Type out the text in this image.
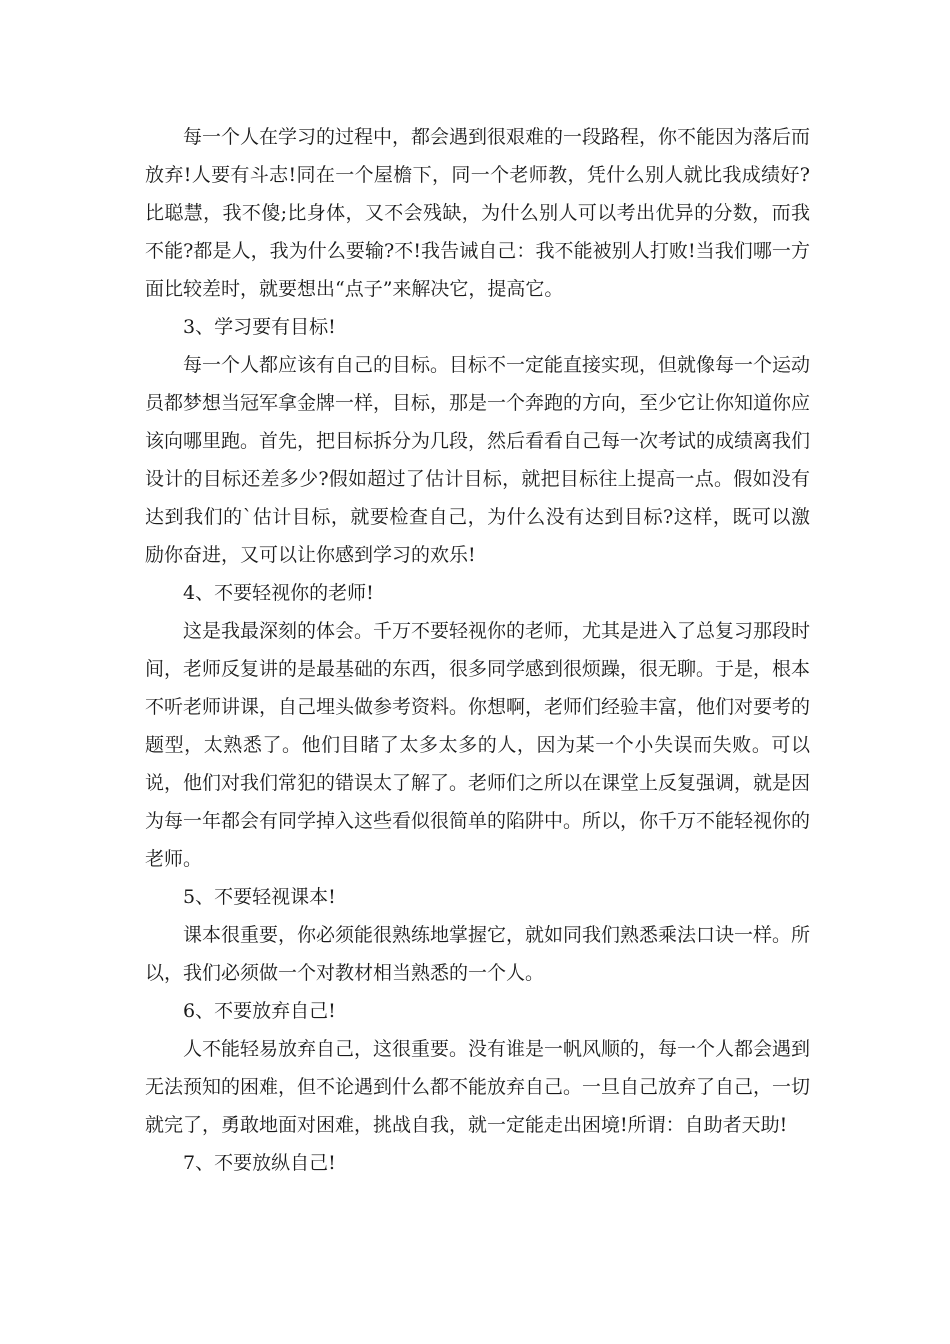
每一个人在学习的过程中，都会遇到很艰难的一段路程，你不能因为落后而放弃!人要有斗志!同在一个屋檐下，同一个老师教，凭什么别人就比我成绩好?比聪慧，我不傻;比身体，又不会残缺，为什么别人可以考出优异的分数，而我不能?都是人，我为什么要输?不!我告诫自己：我不能被别人打败!当我们哪一方面比较差时，就要想出“点子”来解决它，提高它。

3、学习要有目标!

每一个人都应该有自己的目标。目标不一定能直接实现，但就像每一个运动员都梦想当冠军拿金牌一样，目标，那是一个奔跑的方向，至少它让你知道你应该向哪里跑。首先，把目标拆分为几段，然后看看自己每一次考试的成绩离我们设计的目标还差多少?假如超过了估计目标，就把目标往上提高一点。假如没有达到我们的`估计目标，就要检查自己，为什么没有达到目标?这样，既可以激励你奋进，又可以让你感到学习的欢乐!

4、不要轻视你的老师!

这是我最深刻的体会。千万不要轻视你的老师，尤其是进入了总复习那段时间，老师反复讲的是最基础的东西，很多同学感到很烦躁，很无聊。于是，根本不听老师讲课，自己埋头做参考资料。你想啊，老师们经验丰富，他们对要考的题型，太熟悉了。他们目睹了太多太多的人，因为某一个小失误而失败。可以说，他们对我们常犯的错误太了解了。老师们之所以在课堂上反复强调，就是因为每一年都会有同学掉入这些看似很简单的陷阱中。所以，你千万不能轻视你的老师。

5、不要轻视课本!

课本很重要，你必须能很熟练地掌握它，就如同我们熟悉乘法口诀一样。所以，我们必须做一个对教材相当熟悉的一个人。

6、不要放弃自己!

人不能轻易放弃自己，这很重要。没有谁是一帆风顺的，每一个人都会遇到无法预知的困难，但不论遇到什么都不能放弃自己。一旦自己放弃了自己，一切就完了，勇敢地面对困难，挑战自我，就一定能走出困境!所谓：自助者天助!

7、不要放纵自己!
